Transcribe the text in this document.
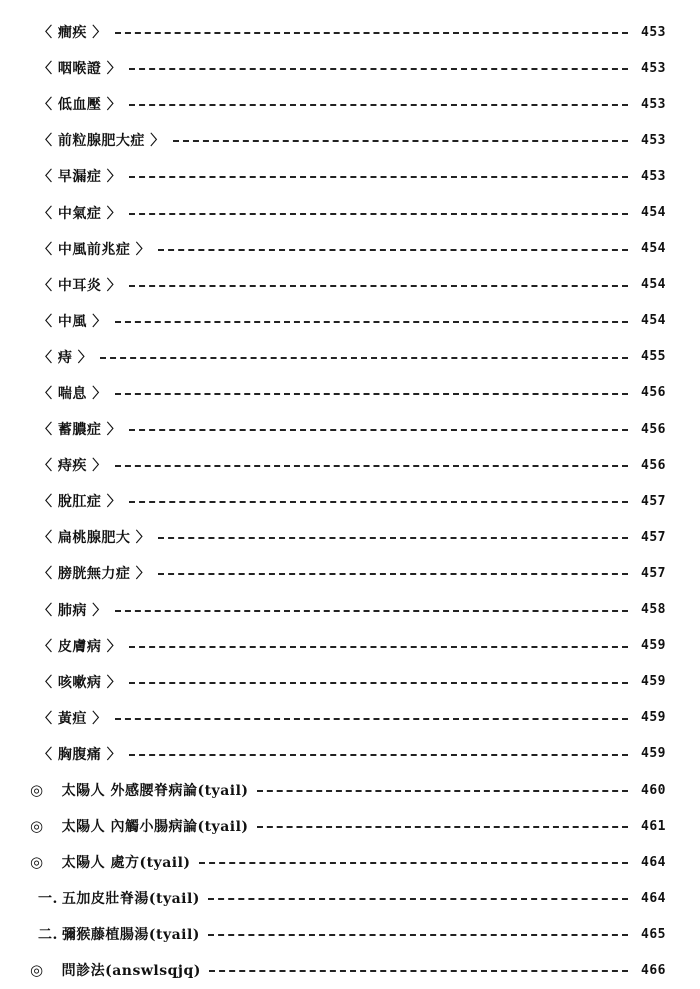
〈 癎疾 〉	453
〈 咽喉證 〉	453
〈 低血壓 〉	453
〈 前粒腺肥大症 〉	453
〈 早漏症 〉	453
〈 中氣症 〉	454
〈 中風前兆症 〉	454
〈 中耳炎 〉	454
〈 中風 〉	454
〈 痔 〉	455
〈 喘息 〉	456
〈 蓄膿症 〉	456
〈 痔疾 〉	456
〈 脫肛症 〉	457
〈 扁桃腺肥大 〉	457
〈 膀胱無力症 〉	457
〈 肺病 〉	458
〈 皮膚病 〉	459
〈 咳嗽病 〉	459
〈 黃疸 〉	459
〈 胸腹痛 〉	459
◎ 太陽人 外感腰脊病論(tyail)	460
◎ 太陽人 內觸小腸病論(tyail)	461
◎ 太陽人 處方(tyail)	464
一. 五加皮壯脊湯(tyail)	464
二. 彌猴藤植腸湯(tyail)	465
◎ 問診法(answlsqjq)	466
